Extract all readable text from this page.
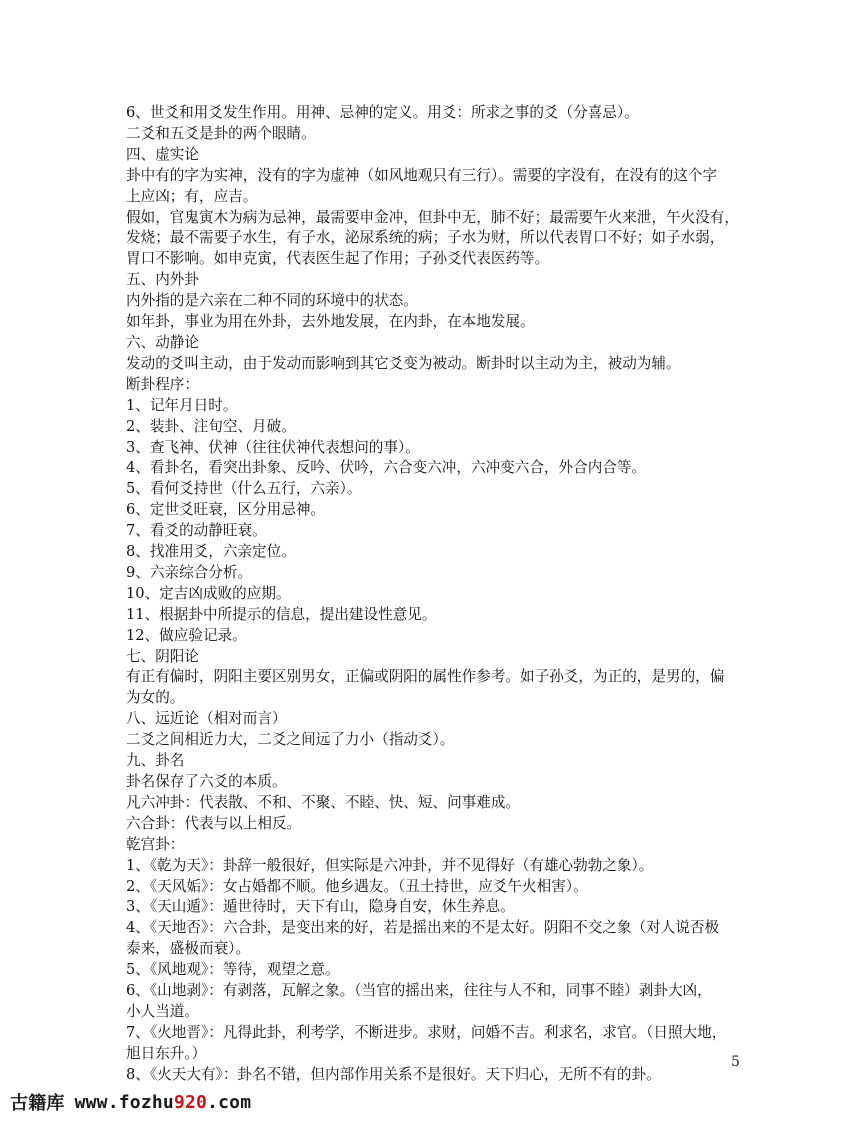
6、世爻和用爻发生作用。用神、忌神的定义。用爻：所求之事的爻（分喜忌）。

二爻和五爻是卦的两个眼睛。

四、虚实论

卦中有的字为实神，没有的字为虚神（如风地观只有三行）。需要的字没有，在没有的这个字

上应凶；有，应吉。

假如，官鬼寅木为病为忌神，最需要申金冲，但卦中无，肺不好；最需要午火来泄，午火没有，

发烧；最不需要子水生，有子水，泌尿系统的病；子水为财，所以代表胃口不好；如子水弱，

胃口不影响。如申克寅，代表医生起了作用；子孙爻代表医药等。

五、内外卦

内外指的是六亲在二种不同的环境中的状态。

如年卦，事业为用在外卦，去外地发展，在内卦，在本地发展。

六、动静论

发动的爻叫主动，由于发动而影响到其它爻变为被动。断卦时以主动为主，被动为辅。

断卦程序：

1、记年月日时。

2、装卦、注旬空、月破。

3、查飞神、伏神（往往伏神代表想问的事）。

4、看卦名，看突出卦象、反吟、伏吟，六合变六冲，六冲变六合，外合内合等。

5、看何爻持世（什么五行，六亲）。

6、定世爻旺衰，区分用忌神。

7、看爻的动静旺衰。

8、找准用爻，六亲定位。

9、六亲综合分析。

10、定吉凶成败的应期。

11、根据卦中所提示的信息，提出建设性意见。

12、做应验记录。

七、阴阳论

有正有偏时，阴阳主要区别男女，正偏或阴阳的属性作参考。如子孙爻，为正的，是男的，偏

为女的。

八、远近论（相对而言）

二爻之间相近力大，二爻之间远了力小（指动爻）。

九、卦名

卦名保存了六爻的本质。

凡六冲卦：代表散、不和、不聚、不睦、快、短、问事难成。

六合卦：代表与以上相反。

乾宫卦：

1、《乾为天》：卦辞一般很好，但实际是六冲卦，并不见得好（有雄心勃勃之象）。

2、《天风姤》：女占婚都不顺。他乡遇友。（丑土持世，应爻午火相害）。

3、《天山遁》：遁世待时，天下有山，隐身自安，休生养息。

4、《天地否》：六合卦，是变出来的好，若是摇出来的不是太好。阴阳不交之象（对人说否极

泰来，盛极而衰）。

5、《风地观》：等待，观望之意。

6、《山地剥》：有剥落，瓦解之象。（当官的摇出来，往往与人不和，同事不睦）剥卦大凶，

小人当道。

7、《火地晋》：凡得此卦，利考学，不断进步。求财，问婚不吉。利求名，求官。（日照大地，

旭日东升。）

8、《火天大有》：卦名不错，但内部作用关系不是很好。天下归心，无所不有的卦。

5
古籍库 www.fozhu920.com
